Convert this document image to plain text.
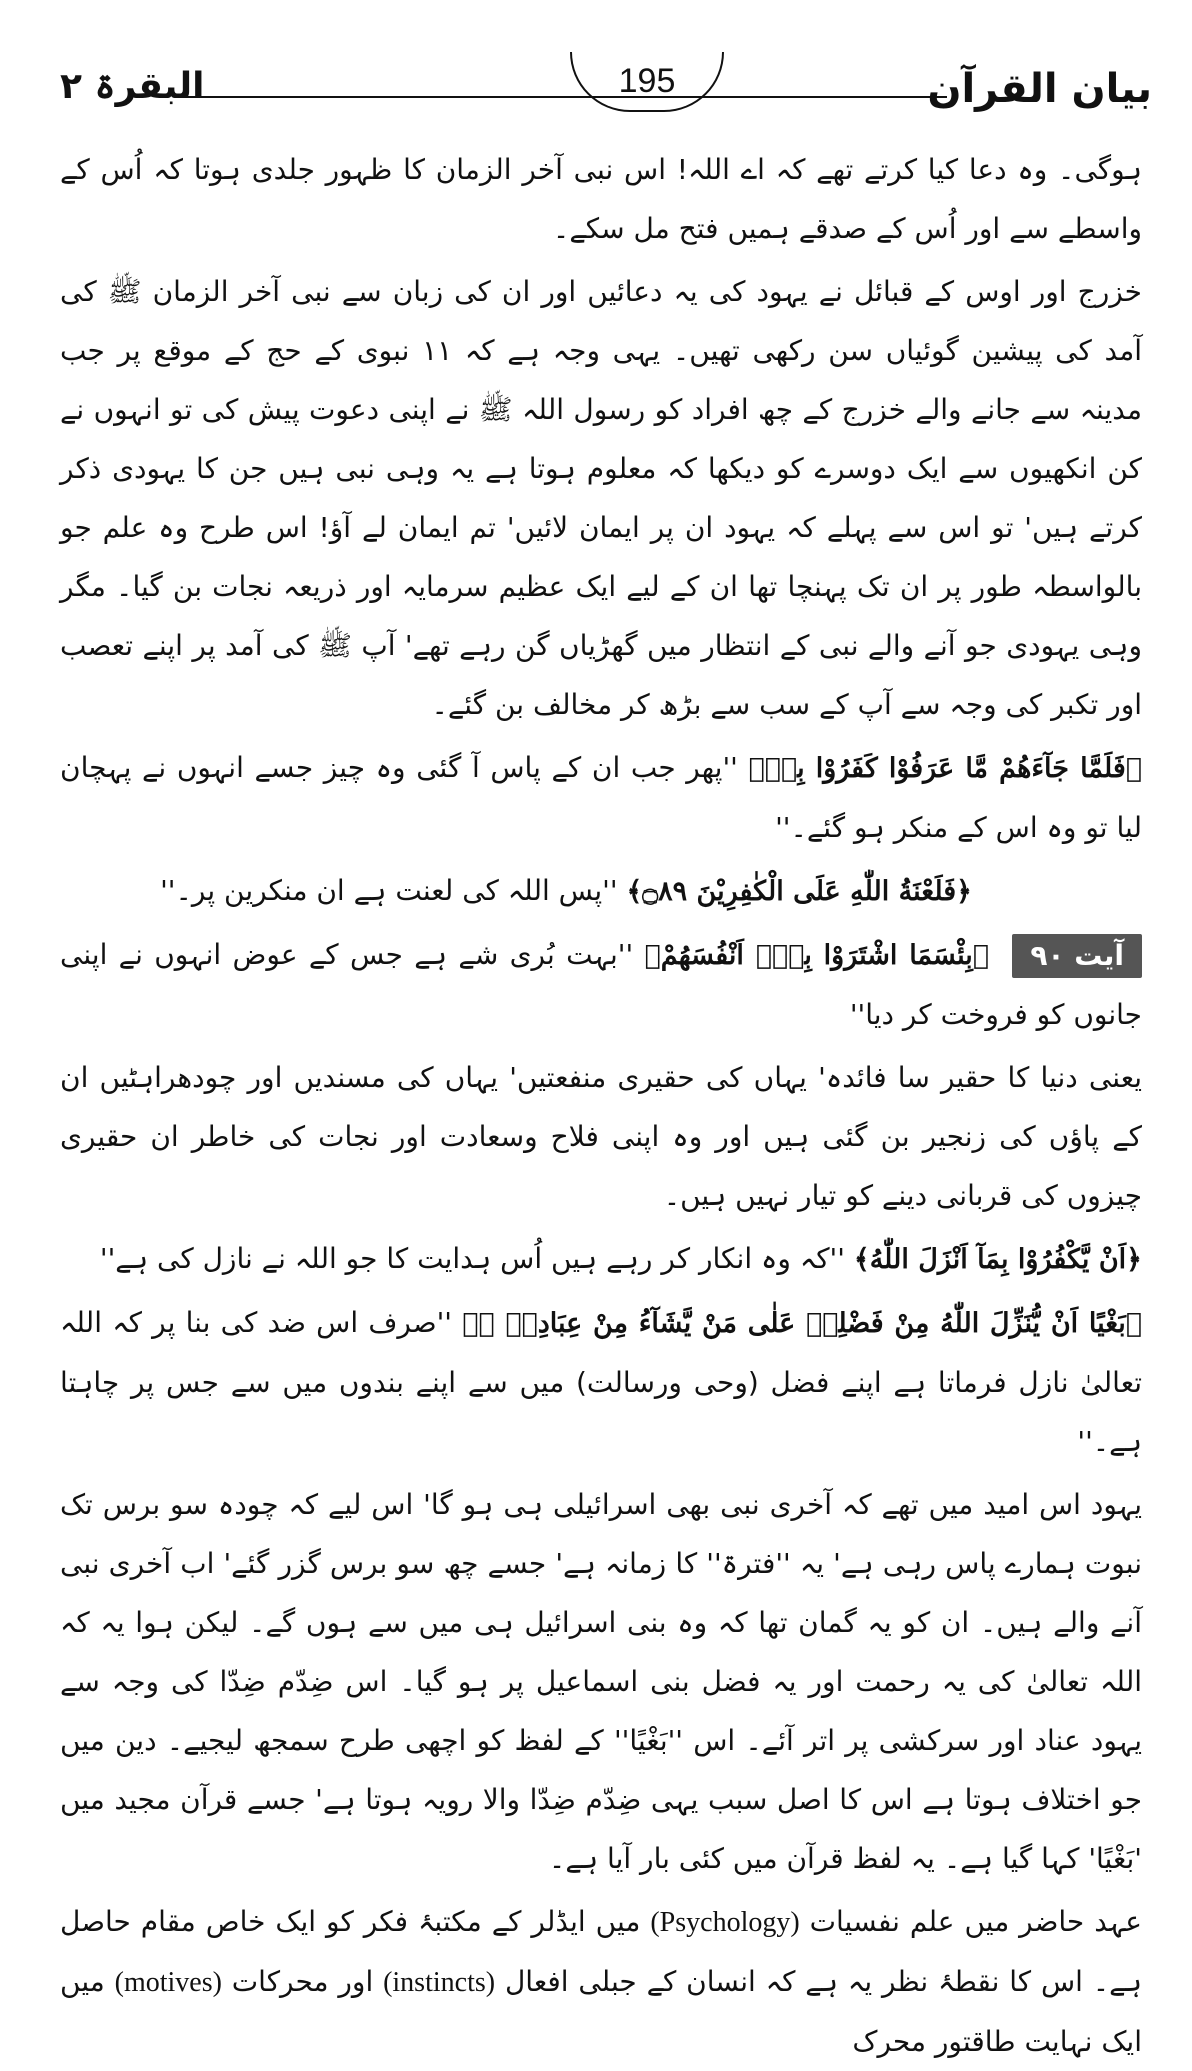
البقرۃ ۲	195	بیان القرآن

ہوگی۔ وہ دعا کیا کرتے تھے کہ اے اللہ! اس نبی آخر الزمان کا ظہور جلدی ہوتا کہ اُس کے واسطے سے اور اُس کے صدقے ہمیں فتح مل سکے۔

خزرج اور اوس کے قبائل نے یہود کی یہ دعائیں اور ان کی زبان سے نبی آخر الزمان ﷺ کی آمد کی پیشین گوئیاں سن رکھی تھیں۔ یہی وجہ ہے کہ ۱۱ نبوی کے حج کے موقع پر جب مدینہ سے جانے والے خزرج کے چھ افراد کو رسول اللہ ﷺ نے اپنی دعوت پیش کی تو انہوں نے کن انکھیوں سے ایک دوسرے کو دیکھا کہ معلوم ہوتا ہے یہ وہی نبی ہیں جن کا یہودی ذکر کرتے ہیں' تو اس سے پہلے کہ یہود ان پر ایمان لائیں' تم ایمان لے آؤ! اس طرح وہ علم جو بالواسطہ طور پر ان تک پہنچا تھا ان کے لیے ایک عظیم سرمایہ اور ذریعہ نجات بن گیا۔ مگر وہی یہودی جو آنے والے نبی کے انتظار میں گھڑیاں گن رہے تھے' آپ ﷺ کی آمد پر اپنے تعصب اور تکبر کی وجہ سے آپ کے سب سے بڑھ کر مخالف بن گئے۔

﴿فَلَمَّا جَآءَهُمْ مَّا عَرَفُوْا كَفَرُوْا بِهٖ﴾ ''پھر جب ان کے پاس آ گئی وہ چیز جسے انہوں نے پہچان لیا تو وہ اس کے منکر ہو گئے۔''

﴿فَلَعْنَةُ اللّٰهِ عَلَى الْكٰفِرِيْنَ ۝۸۹﴾ ''پس اللہ کی لعنت ہے ان منکرین پر۔''

آیت ۹۰ ﴿بِئْسَمَا اشْتَرَوْا بِهٖٓ اَنْفُسَهُمْ﴾ ''بہت بُری شے ہے جس کے عوض انہوں نے اپنی جانوں کو فروخت کر دیا''

یعنی دنیا کا حقیر سا فائدہ' یہاں کی حقیری منفعتیں' یہاں کی مسندیں اور چودھراہٹیں ان کے پاؤں کی زنجیر بن گئی ہیں اور وہ اپنی فلاح وسعادت اور نجات کی خاطر ان حقیری چیزوں کی قربانی دینے کو تیار نہیں ہیں۔

﴿اَنْ يَّكْفُرُوْا بِمَآ اَنْزَلَ اللّٰهُ﴾ ''کہ وہ انکار کر رہے ہیں اُس ہدایت کا جو اللہ نے نازل کی ہے''

﴿بَغْيًا اَنْ يُّنَزِّلَ اللّٰهُ مِنْ فَضْلِهٖ عَلٰى مَنْ يَّشَآءُ مِنْ عِبَادِهٖ ۚ﴾ ''صرف اس ضد کی بنا پر کہ اللہ تعالیٰ نازل فرماتا ہے اپنے فضل (وحی ورسالت) میں سے اپنے بندوں میں سے جس پر چاہتا ہے۔''

یہود اس امید میں تھے کہ آخری نبی بھی اسرائیلی ہی ہو گا' اس لیے کہ چودہ سو برس تک نبوت ہمارے پاس رہی ہے' یہ ''فترۃ'' کا زمانہ ہے' جسے چھ سو برس گزر گئے' اب آخری نبی آنے والے ہیں۔ ان کو یہ گمان تھا کہ وہ بنی اسرائیل ہی میں سے ہوں گے۔ لیکن ہوا یہ کہ اللہ تعالیٰ کی یہ رحمت اور یہ فضل بنی اسماعیل پر ہو گیا۔ اس ضِدّم ضِدّا کی وجہ سے یہود عناد اور سرکشی پر اتر آئے۔ اس ''بَغْيًا'' کے لفظ کو اچھی طرح سمجھ لیجیے۔ دین میں جو اختلاف ہوتا ہے اس کا اصل سبب یہی ضِدّم ضِدّا والا رویہ ہوتا ہے' جسے قرآن مجید میں 'بَغْيًا' کہا گیا ہے۔ یہ لفظ قرآن میں کئی بار آیا ہے۔

عہد حاضر میں علم نفسیات (Psychology) میں ایڈلر کے مکتبۂ فکر کو ایک خاص مقام حاصل ہے۔ اس کا نقطۂ نظر یہ ہے کہ انسان کے جبلی افعال (instincts) اور محرکات (motives) میں ایک نہایت طاقتور محرک
